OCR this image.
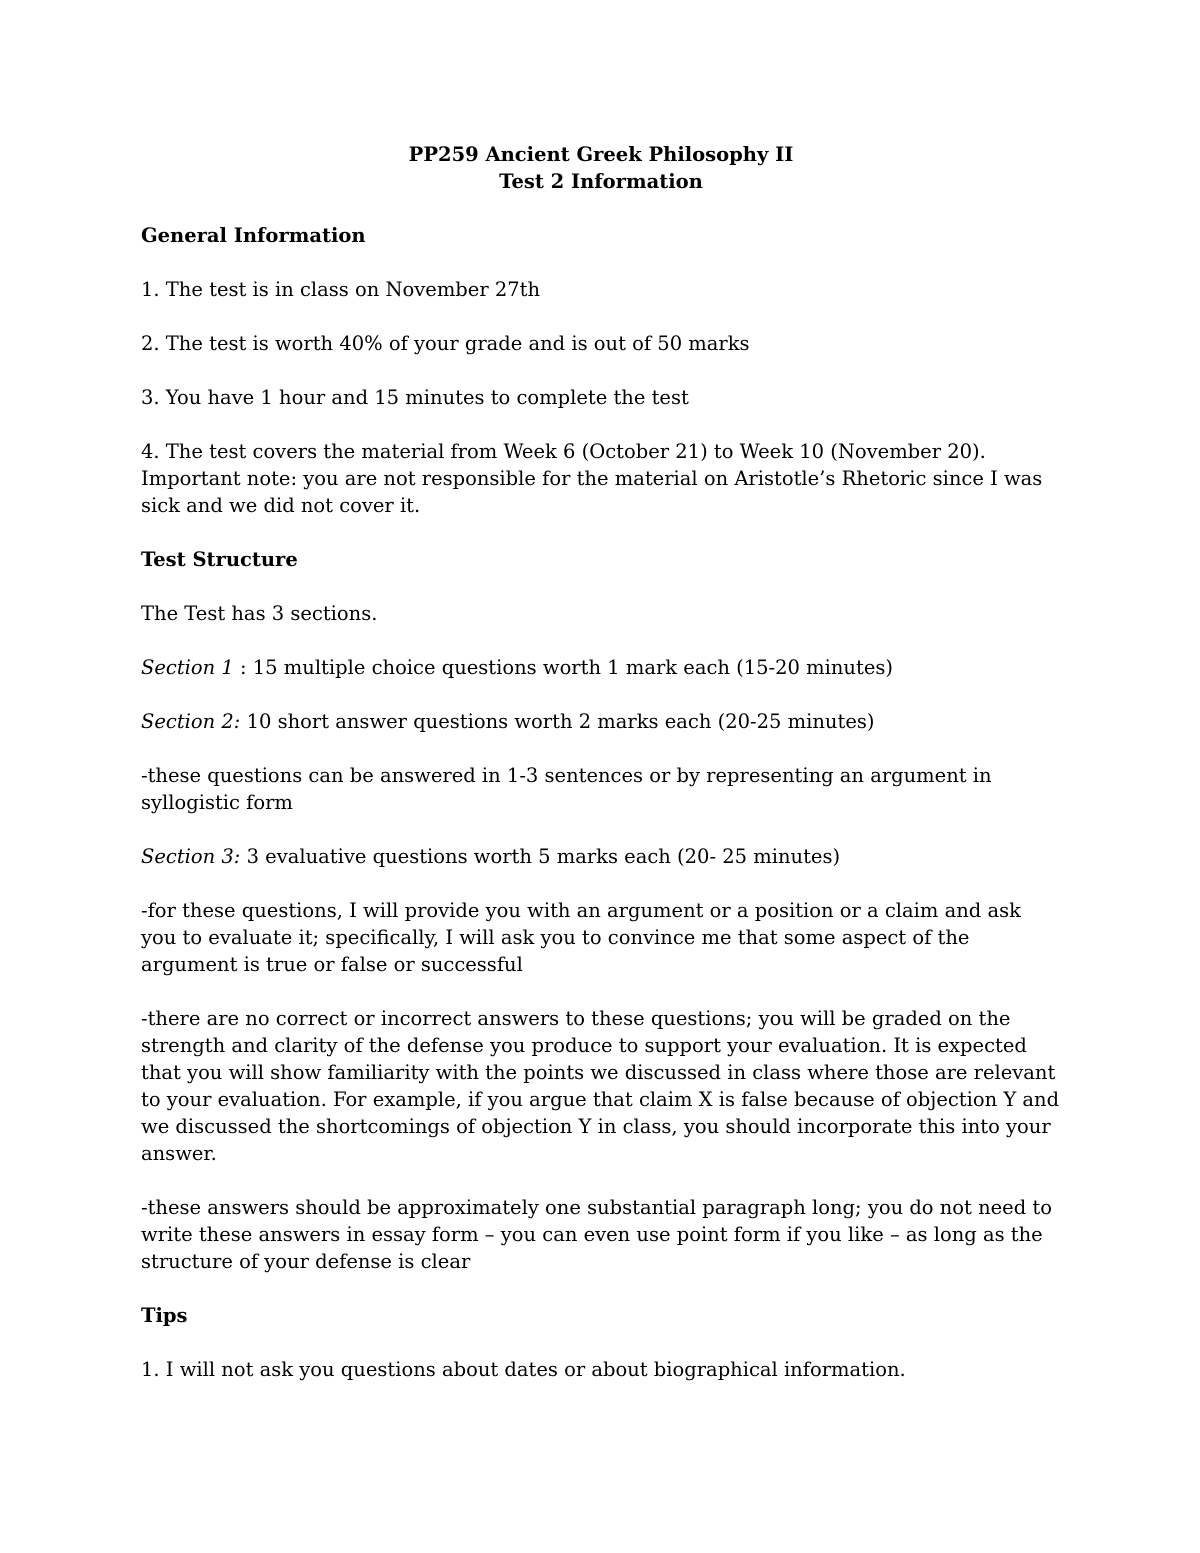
PP259 Ancient Greek Philosophy II
Test 2 Information

General Information

1. The test is in class on November 27th

2. The test is worth 40% of your grade and is out of 50 marks

3. You have 1 hour and 15 minutes to complete the test

4. The test covers the material from Week 6 (October 21) to Week 10 (November 20). Important note: you are not responsible for the material on Aristotle’s Rhetoric since I was sick and we did not cover it.

Test Structure

The Test has 3 sections.

Section 1 : 15 multiple choice questions worth 1 mark each (15-20 minutes)

Section 2: 10 short answer questions worth 2 marks each (20-25 minutes)

-these questions can be answered in 1-3 sentences or by representing an argument in syllogistic form

Section 3: 3 evaluative questions worth 5 marks each (20- 25 minutes)

-for these questions, I will provide you with an argument or a position or a claim and ask you to evaluate it; specifically, I will ask you to convince me that some aspect of the argument is true or false or successful

-there are no correct or incorrect answers to these questions; you will be graded on the strength and clarity of the defense you produce to support your evaluation. It is expected that you will show familiarity with the points we discussed in class where those are relevant to your evaluation. For example, if you argue that claim X is false because of objection Y and we discussed the shortcomings of objection Y in class, you should incorporate this into your answer.

-these answers should be approximately one substantial paragraph long; you do not need to write these answers in essay form – you can even use point form if you like – as long as the structure of your defense is clear

Tips

1. I will not ask you questions about dates or about biographical information.
